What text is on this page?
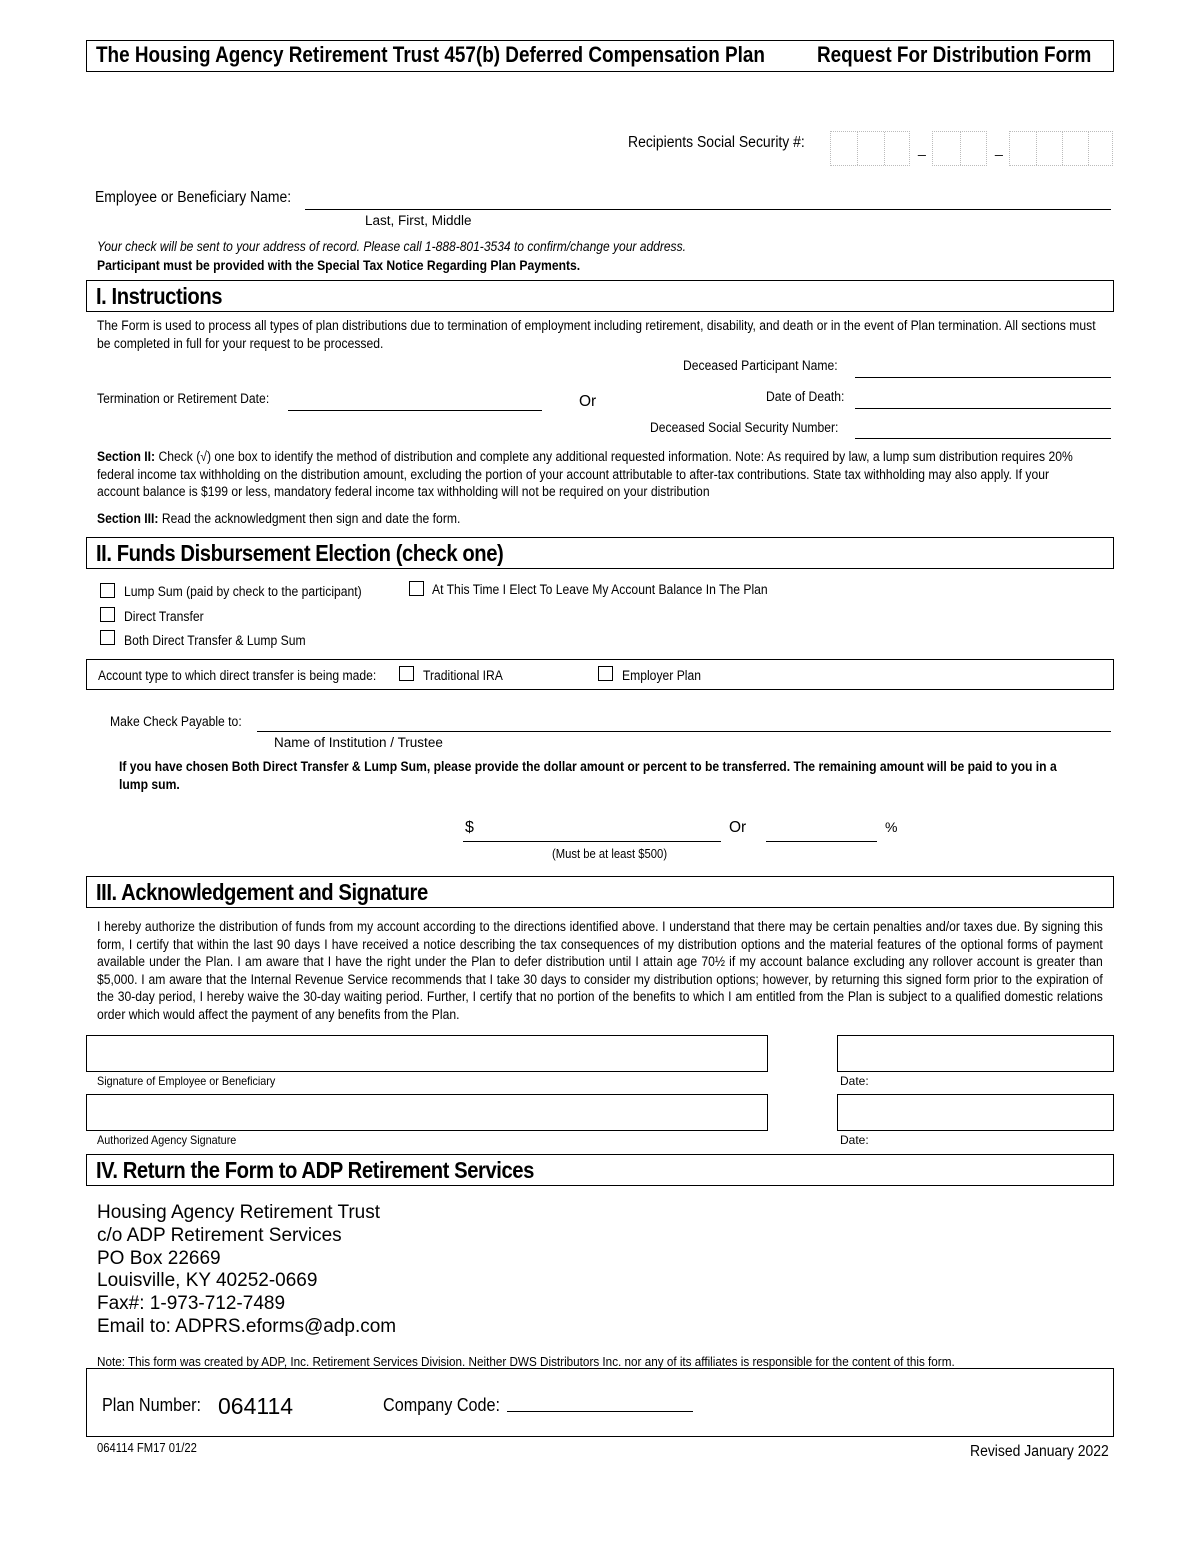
The Housing Agency Retirement Trust 457(b) Deferred Compensation Plan	Request For Distribution Form
Recipients Social Security #:	_	_
Employee or Beneficiary Name:
Last, First, Middle
Your check will be sent to your address of record. Please call 1-888-801-3534 to confirm/change your address.
Participant must be provided with the Special Tax Notice Regarding Plan Payments.
I. Instructions
The Form is used to process all types of plan distributions due to termination of employment including retirement, disability, and death or in the event of Plan termination. All sections must be completed in full for your request to be processed.
Deceased Participant Name:
Termination or Retirement Date:	Or	Date of Death:
Deceased Social Security Number:
Section II: Check (√) one box to identify the method of distribution and complete any additional requested information. Note: As required by law, a lump sum distribution requires 20% federal income tax withholding on the distribution amount, excluding the portion of your account attributable to after-tax contributions. State tax withholding may also apply. If your account balance is $199 or less, mandatory federal income tax withholding will not be required on your distribution
Section III: Read the acknowledgment then sign and date the form.
II. Funds Disbursement Election (check one)
Lump Sum (paid by check to the participant)	At This Time I Elect To Leave My Account Balance In The Plan
Direct Transfer
Both Direct Transfer & Lump Sum
Account type to which direct transfer is being made:	Traditional IRA	Employer Plan
Make Check Payable to:
Name of Institution / Trustee
If you have chosen Both Direct Transfer & Lump Sum, please provide the dollar amount or percent to be transferred. The remaining amount will be paid to you in a lump sum.
$	Or	%
(Must be at least $500)
III. Acknowledgement and Signature
I hereby authorize the distribution of funds from my account according to the directions identified above. I understand that there may be certain penalties and/or taxes due. By signing this form, I certify that within the last 90 days I have received a notice describing the tax consequences of my distribution options and the material features of the optional forms of payment available under the Plan. I am aware that I have the right under the Plan to defer distribution until I attain age 70½ if my account balance excluding any rollover account is greater than $5,000. I am aware that the Internal Revenue Service recommends that I take 30 days to consider my distribution options; however, by returning this signed form prior to the expiration of the 30-day period, I hereby waive the 30-day waiting period. Further, I certify that no portion of the benefits to which I am entitled from the Plan is subject to a qualified domestic relations order which would affect the payment of any benefits from the Plan.
Signature of Employee or Beneficiary	Date:
Authorized Agency Signature	Date:
IV. Return the Form to ADP Retirement Services
Housing Agency Retirement Trust
c/o ADP Retirement Services
PO Box 22669
Louisville, KY 40252-0669
Fax#: 1-973-712-7489
Email to: ADPRS.eforms@adp.com
Note: This form was created by ADP, Inc. Retirement Services Division. Neither DWS Distributors Inc. nor any of its affiliates is responsible for the content of this form.
Plan Number: 064114	Company Code:
064114 FM17 01/22	Revised January 2022
